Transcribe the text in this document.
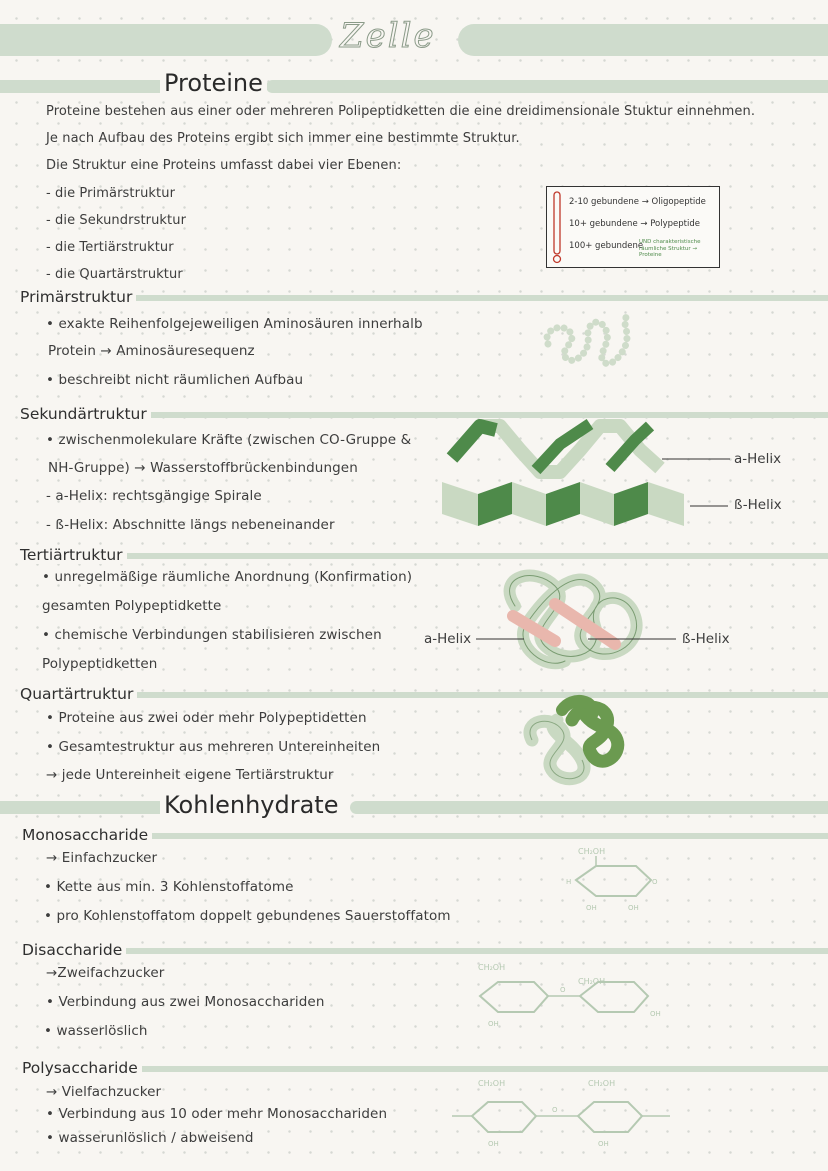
Zelle
Proteine
Proteine bestehen aus einer oder mehreren Polipeptidketten die eine dreidimensionale Stuktur einnehmen.
Je nach Aufbau des Proteins ergibt sich immer eine bestimmte Struktur.
Die Struktur eine Proteins umfasst dabei vier Ebenen:
- die Primärstruktur
- die Sekundrstruktur
- die Tertiärstruktur
- die Quartärstruktur
2-10 gebundene → Oligopeptide
10+ gebundene → Polypeptide
100+ gebundene
UND charakteristische räumliche Struktur → Proteine
Primärstruktur
• exakte Reihenfolgejeweiligen Aminosäuren innerhalb
Protein → Aminosäuresequenz
• beschreibt nicht räumlichen Aufbau
Sekundärtruktur
• zwischenmolekulare Kräfte (zwischen CO-Gruppe &
NH-Gruppe) → Wasserstoffbrückenbindungen
- a-Helix: rechtsgängige Spirale
- ß-Helix: Abschnitte längs nebeneinander
a-Helix
ß-Helix
Tertiärtruktur
• unregelmäßige räumliche Anordnung (Konfirmation)
gesamten Polypeptidkette
• chemische Verbindungen stabilisieren zwischen
Polypeptidketten
a-Helix	ß-Helix
Quartärtruktur
• Proteine aus zwei oder mehr Polypeptidetten
• Gesamtestruktur aus mehreren Untereinheiten
→ jede Untereinheit eigene Tertiärstruktur
Kohlenhydrate
Monosaccharide
→ Einfachzucker
• Kette aus min. 3 Kohlenstoffatome
• pro Kohlenstoffatom doppelt gebundenes Sauerstoffatom
CH₂OH
H
OH	OH
O
Disaccharide
→Zweifachzucker
• Verbindung aus zwei Monosacchariden
• wasserlöslich
CH₂OH
CH₂OH
O
OH
OH
Polysaccharide
→ Vielfachzucker
• Verbindung aus 10 oder mehr Monosacchariden
• wasserunlöslich / abweisend
CH₂OH	CH₂OH
O
OH	OH
